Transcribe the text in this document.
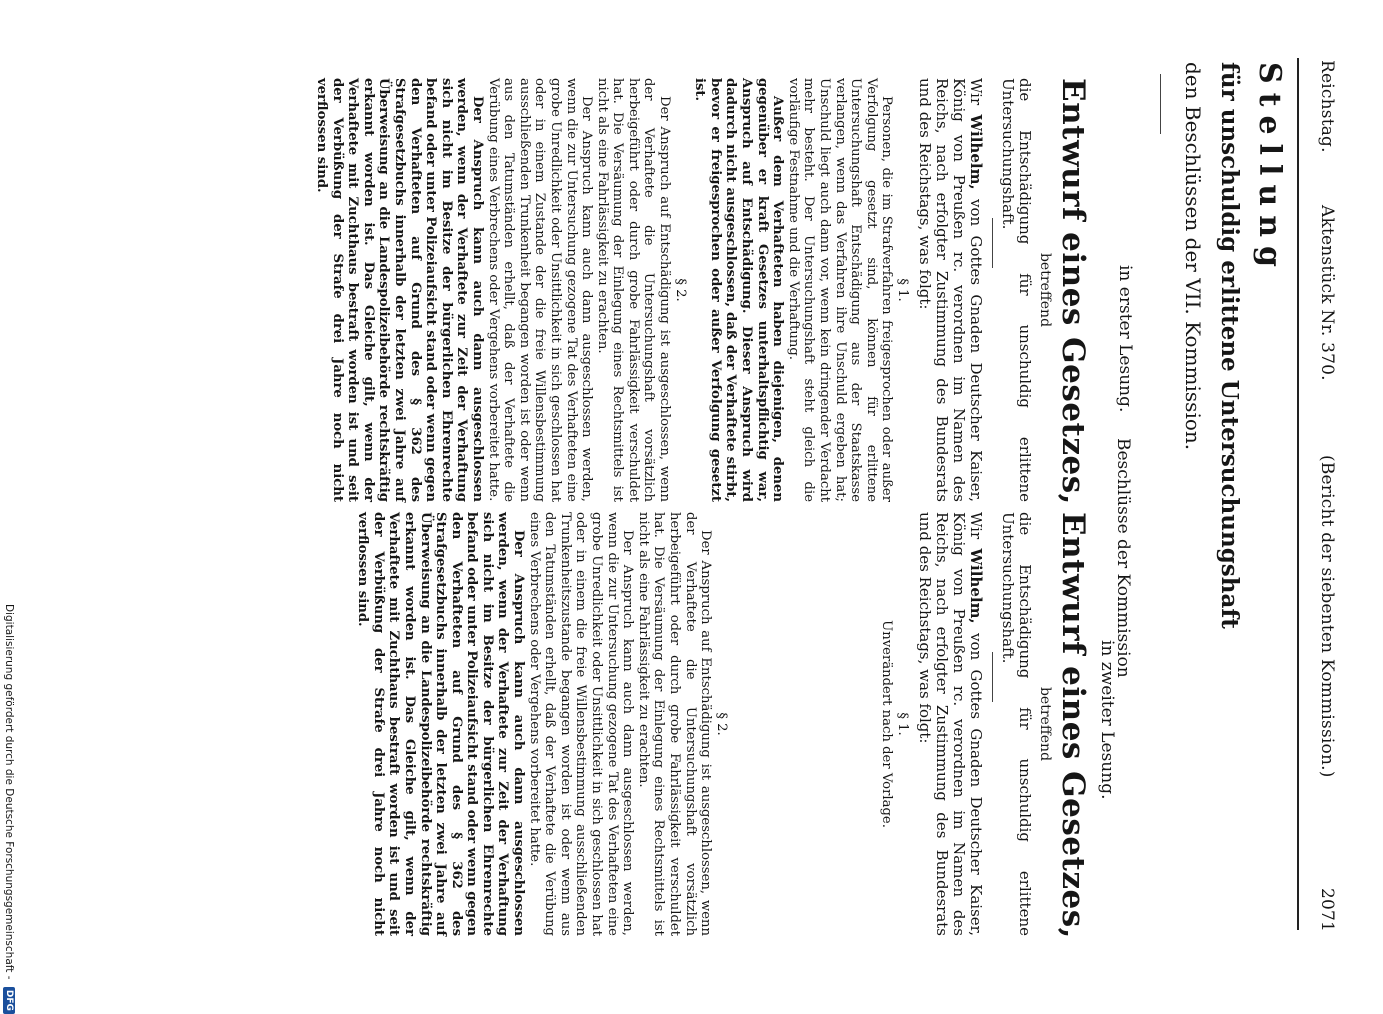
Reichstag.
Aktenstück Nr. 370.
(Bericht der siebenten Kommission.)
2071
Stellung
für unschuldig erlittene Untersuchungshaft
den Beschlüssen der VII. Kommission.
in erster Lesung.
Beschlüsse der Kommission
in zweiter Lesung.
Entwurf eines Gesetzes,
betreffend
die Entschädigung für unschuldig erlittene Untersuchungshaft.
Wir Wilhelm, von Gottes Gnaden Deutscher Kaiser, König von Preußen rc. verordnen im Namen des Reichs, nach erfolgter Zustimmung des Bundesrats und des Reichstags, was folgt:

§ 1.

Personen, die im Strafverfahren freigesprochen oder außer Verfolgung gesetzt sind, können für erlittene Untersuchungshaft Entschädigung aus der Staatskasse verlangen, wenn das Verfahren ihre Unschuld ergeben hat; Unschuld liegt auch dann vor, wenn kein dringender Verdacht mehr besteht. Der Untersuchungshaft steht gleich die vorläufige Festnahme und die Verhaftung.

Außer dem Verhafteten haben diejenigen, denen gegenüber er kraft Gesetzes unterhaltspflichtig war, Anspruch auf Entschädigung. Dieser Anspruch wird dadurch nicht ausgeschlossen, daß der Verhaftete stirbt, bevor er freigesprochen oder außer Verfolgung gesetzt ist.

§ 2.

Der Anspruch auf Entschädigung ist ausgeschlossen, wenn der Verhaftete die Untersuchungshaft vorsätzlich herbeigeführt oder durch grobe Fahrlässigkeit verschuldet hat. Die Versäumung der Einlegung eines Rechtsmittels ist nicht als eine Fahrlässigkeit zu erachten.

Der Anspruch kann auch dann ausgeschlossen werden, wenn die zur Untersuchung gezogene Tat des Verhafteten eine grobe Unredlichkeit oder Unsittlichkeit in sich geschlossen hat oder in einem Zustande der die freie Willensbestimmung ausschließenden Trunkenheit begangen worden ist oder wenn aus den Tatumständen erhellt, daß der Verhaftete die Verübung eines Verbrechens oder Vergehens vorbereitet hatte.

Der Anspruch kann auch dann ausgeschlossen werden, wenn der Verhaftete zur Zeit der Verhaftung sich nicht im Besitze der bürgerlichen Ehrenrechte befand oder unter Polizeiaufsicht stand oder wenn gegen den Verhafteten auf Grund des § 362 des Strafgesetzbuchs innerhalb der letzten zwei Jahre auf Überweisung an die Landespolizeibehörde rechtskräftig erkannt worden ist. Das Gleiche gilt, wenn der Verhaftete mit Zuchthaus bestraft worden ist und seit der Verbüßung der Strafe drei Jahre noch nicht verflossen sind.

Entwurf eines Gesetzes,
betreffend
die Entschädigung für unschuldig erlittene Untersuchungshaft.
Wir Wilhelm, von Gottes Gnaden Deutscher Kaiser, König von Preußen rc. verordnen im Namen des Reichs, nach erfolgter Zustimmung des Bundesrats und des Reichstags, was folgt:

§ 1.

Unverändert nach der Vorlage.

§ 2.

Der Anspruch auf Entschädigung ist ausgeschlossen, wenn der Verhaftete die Untersuchungshaft vorsätzlich herbeigeführt oder durch grobe Fahrlässigkeit verschuldet hat. Die Versäumung der Einlegung eines Rechtsmittels ist nicht als eine Fahrlässigkeit zu erachten.

Der Anspruch kann auch dann ausgeschlossen werden, wenn die zur Untersuchung gezogene Tat des Verhafteten eine grobe Unredlichkeit oder Unsittlichkeit in sich geschlossen hat oder in einem die freie Willensbestimmung ausschließenden Trunkenheitszustande begangen worden ist oder wenn aus den Tatumständen erhellt, daß der Verhaftete die Verübung eines Verbrechens oder Vergehens vorbereitet hatte.

Der Anspruch kann auch dann ausgeschlossen werden, wenn der Verhaftete zur Zeit der Verhaftung sich nicht im Besitze der bürgerlichen Ehrenrechte befand oder unter Polizeiaufsicht stand oder wenn gegen den Verhafteten auf Grund des § 362 des Strafgesetzbuchs innerhalb der letzten zwei Jahre auf Überweisung an die Landespolizeibehörde rechtskräftig erkannt worden ist. Das Gleiche gilt, wenn der Verhaftete mit Zuchthaus bestraft worden ist und seit der Verbüßung der Strafe drei Jahre noch nicht verflossen sind.

Digitalisierung gefördert durch die Deutsche Forschungsgemeinschaft - DFG
